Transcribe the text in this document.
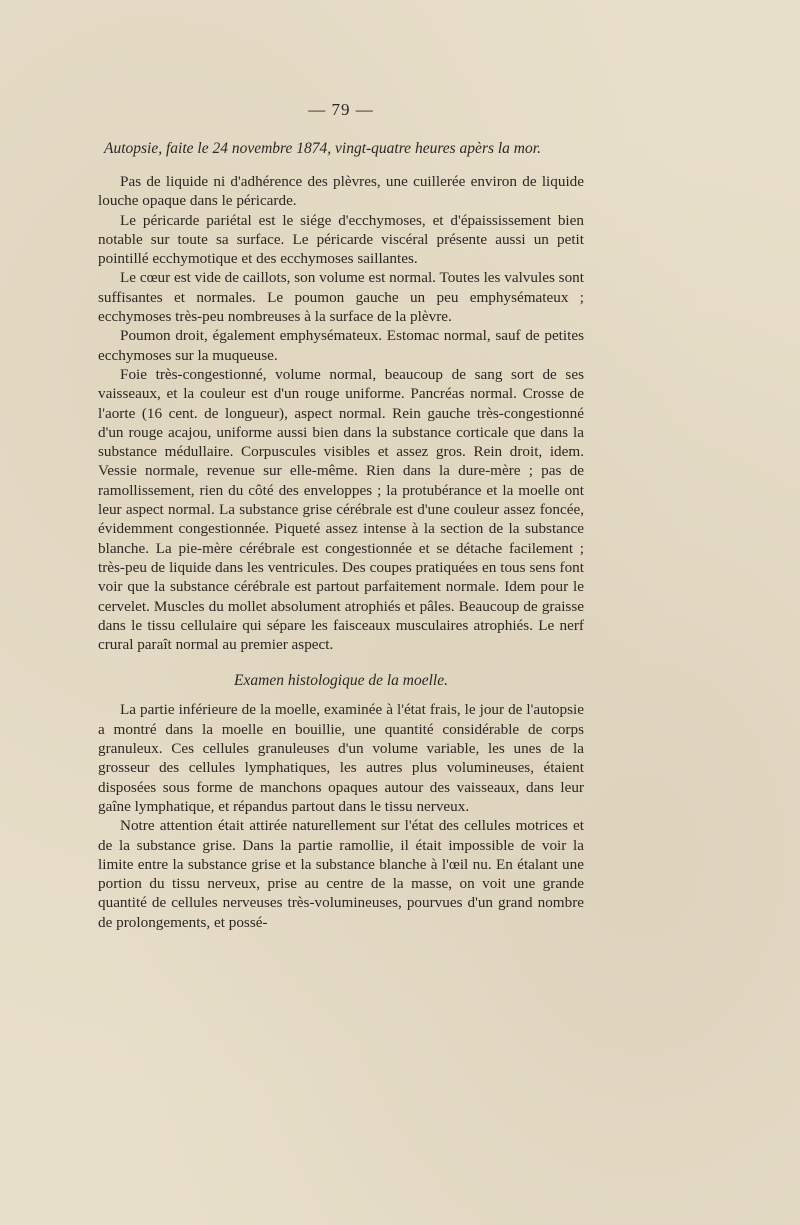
— 79 —
Autopsie, faite le 24 novembre 1874, vingt-quatre heures apèrs la mor.

Pas de liquide ni d'adhérence des plèvres, une cuillerée environ de liquide louche opaque dans le péricarde.

Le péricarde pariétal est le siége d'ecchymoses, et d'épaississement bien notable sur toute sa surface. Le péricarde viscéral présente aussi un petit pointillé ecchymotique et des ecchymoses saillantes.

Le cœur est vide de caillots, son volume est normal. Toutes les valvules sont suffisantes et normales. Le poumon gauche un peu emphysémateux ; ecchymoses très-peu nombreuses à la surface de la plèvre.

Poumon droit, également emphysémateux. Estomac normal, sauf de petites ecchymoses sur la muqueuse.

Foie très-congestionné, volume normal, beaucoup de sang sort de ses vaisseaux, et la couleur est d'un rouge uniforme. Pancréas normal. Crosse de l'aorte (16 cent. de longueur), aspect normal. Rein gauche très-congestionné d'un rouge acajou, uniforme aussi bien dans la substance corticale que dans la substance médullaire. Corpuscules visibles et assez gros. Rein droit, idem. Vessie normale, revenue sur elle-même. Rien dans la dure-mère ; pas de ramollissement, rien du côté des enveloppes ; la protubérance et la moelle ont leur aspect normal. La substance grise cérébrale est d'une couleur assez foncée, évidemment congestionnée. Piqueté assez intense à la section de la substance blanche. La pie-mère cérébrale est congestionnée et se détache facilement ; très-peu de liquide dans les ventricules. Des coupes pratiquées en tous sens font voir que la substance cérébrale est partout parfaitement normale. Idem pour le cervelet. Muscles du mollet absolument atrophiés et pâles. Beaucoup de graisse dans le tissu cellulaire qui sépare les faisceaux musculaires atrophiés. Le nerf crural paraît normal au premier aspect.

Examen histologique de la moelle.

La partie inférieure de la moelle, examinée à l'état frais, le jour de l'autopsie a montré dans la moelle en bouillie, une quantité considérable de corps granuleux. Ces cellules granuleuses d'un volume variable, les unes de la grosseur des cellules lymphatiques, les autres plus volumineuses, étaient disposées sous forme de manchons opaques autour des vaisseaux, dans leur gaîne lymphatique, et répandus partout dans le tissu nerveux.

Notre attention était attirée naturellement sur l'état des cellules motrices et de la substance grise. Dans la partie ramollie, il était impossible de voir la limite entre la substance grise et la substance blanche à l'œil nu. En étalant une portion du tissu nerveux, prise au centre de la masse, on voit une grande quantité de cellules nerveuses très-volumineuses, pourvues d'un grand nombre de prolongements, et possé-
